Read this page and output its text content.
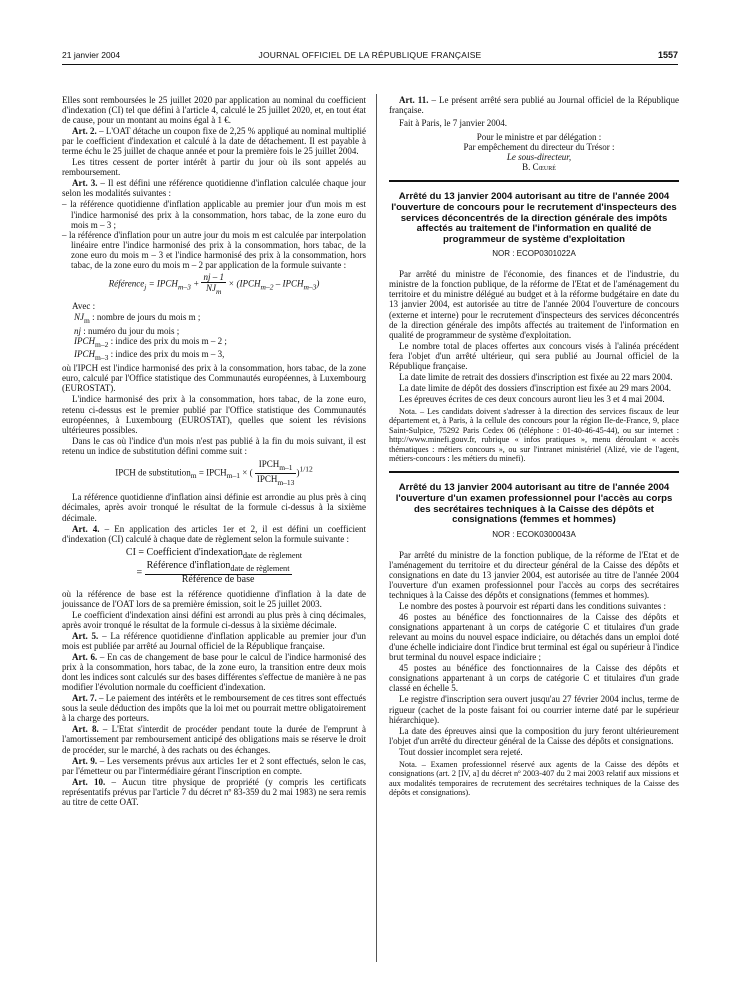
21 janvier 2004	JOURNAL OFFICIEL DE LA RÉPUBLIQUE FRANÇAISE	1557

Elles sont remboursées le 25 juillet 2020 par application au nominal du coefficient d'indexation (CI) tel que défini à l'article 4, calculé le 25 juillet 2020, et, en tout état de cause, pour un montant au moins égal à 1 €.

Art. 2. – L'OAT détache un coupon fixe de 2,25 % appliqué au nominal multiplié par le coefficient d'indexation et calculé à la date de détachement. Il est payable à terme échu le 25 juillet de chaque année et pour la première fois le 25 juillet 2004.

Les titres cessent de porter intérêt à partir du jour où ils sont appelés au remboursement.

Art. 3. – Il est défini une référence quotidienne d'inflation calculée chaque jour selon les modalités suivantes :

– la référence quotidienne d'inflation applicable au premier jour d'un mois m est l'indice harmonisé des prix à la consommation, hors tabac, de la zone euro du mois m – 3 ;
– la référence d'inflation pour un autre jour du mois m est calculée par interpolation linéaire entre l'indice harmonisé des prix à la consommation, hors tabac, de la zone euro du mois m – 3 et l'indice harmonisé des prix à la consommation, hors tabac, de la zone euro du mois m – 2 par application de la formule suivante :
Référence$_j$ = $IPCH_{m-3} + \frac{nj - 1}{NJ_m}$ × ($IPCH_{m-2}$ – $IPCH_{m-3}$)

Avec :

$NJ_m$ : nombre de jours du mois m ;
nj : numéro du jour du mois ;
$IPCH_{m-2}$ : indice des prix du mois m – 2 ;
$IPCH_{m-3}$ : indice des prix du mois m – 3,

où l'IPCH est l'indice harmonisé des prix à la consommation, hors tabac, de la zone euro, calculé par l'Office statistique des Communautés européennes, à Luxembourg (EUROSTAT).

L'indice harmonisé des prix à la consommation, hors tabac, de la zone euro, retenu ci-dessus est le premier publié par l'Office statistique des Communautés européennes, à Luxembourg (EUROSTAT), quelles que soient les révisions ultérieures possibles.

Dans le cas où l'indice d'un mois n'est pas publié à la fin du mois suivant, il est retenu un indice de substitution défini comme suit :

IPCH de substitution$_m$ = $IPCH_{m-1}$ × ( $\frac{IPCH_{m-1}}{IPCH_{m-13}} )^{1/12}$

La référence quotidienne d'inflation ainsi définie est arrondie au plus près à cinq décimales, après avoir tronqué le résultat de la formule ci-dessus à la sixième décimale.

Art. 4. – En application des articles 1er et 2, il est défini un coefficient d'indexation (CI) calculé à chaque date de règlement selon la formule suivante :

CI = Coefficient d'indexation$_{date de règlement}$
= $\frac{Référence d'inflation_{date de règlement}}{\text{Référence de base}}$

où la référence de base est la référence quotidienne d'inflation à la date de jouissance de l'OAT lors de sa première émission, soit le 25 juillet 2003.

Le coefficient d'indexation ainsi défini est arrondi au plus près à cinq décimales, après avoir tronqué le résultat de la formule ci-dessus à la sixième décimale.

Art. 5. – La référence quotidienne d'inflation applicable au premier jour d'un mois est publiée par arrêté au Journal officiel de la République française.

Art. 6. – En cas de changement de base pour le calcul de l'indice harmonisé des prix à la consommation, hors tabac, de la zone euro, la transition entre deux mois dont les indices sont calculés sur des bases différentes s'effectue de manière à ne pas modifier l'évolution normale du coefficient d'indexation.

Art. 7. – Le paiement des intérêts et le remboursement de ces titres sont effectués sous la seule déduction des impôts que la loi met ou pourrait mettre obligatoirement à la charge des porteurs.

Art. 8. – L'Etat s'interdit de procéder pendant toute la durée de l'emprunt à l'amortissement par remboursement anticipé des obligations mais se réserve le droit de procéder, sur le marché, à des rachats ou des échanges.

Art. 9. – Les versements prévus aux articles 1er et 2 sont effectués, selon le cas, par l'émetteur ou par l'intermédiaire gérant l'inscription en compte.

Art. 10. – Aucun titre physique de propriété (y compris les certificats représentatifs prévus par l'article 7 du décret nº 83-359 du 2 mai 1983) ne sera remis au titre de cette OAT.

Art. 11. – Le présent arrêté sera publié au Journal officiel de la République française.

Fait à Paris, le 7 janvier 2004.

Pour le ministre et par délégation :

Par empêchement du directeur du Trésor :

Le sous-directeur,

B. Cœuré

Arrêté du 13 janvier 2004 autorisant au titre de l'année 2004 l'ouverture de concours pour le recrutement d'inspecteurs des services déconcentrés de la direction générale des impôts affectés au traitement de l'information en qualité de programmeur de système d'exploitation
NOR : ECOP0301022A

Par arrêté du ministre de l'économie, des finances et de l'industrie, du ministre de la fonction publique, de la réforme de l'Etat et de l'aménagement du territoire et du ministre délégué au budget et à la réforme budgétaire en date du 13 janvier 2004, est autorisée au titre de l'année 2004 l'ouverture de concours (externe et interne) pour le recrutement d'inspecteurs des services déconcentrés de la direction générale des impôts affectés au traitement de l'information en qualité de programmeur de système d'exploitation.

Le nombre total de places offertes aux concours visés à l'alinéa précédent fera l'objet d'un arrêté ultérieur, qui sera publié au Journal officiel de la République française.

La date limite de retrait des dossiers d'inscription est fixée au 22 mars 2004.

La date limite de dépôt des dossiers d'inscription est fixée au 29 mars 2004.

Les épreuves écrites de ces deux concours auront lieu les 3 et 4 mai 2004.

Nota. – Les candidats doivent s'adresser à la direction des services fiscaux de leur département et, à Paris, à la cellule des concours pour la région Ile-de-France, 9, place Saint-Sulpice, 75292 Paris Cedex 06 (téléphone : 01-40-46-45-44), ou sur internet : http://www.minefi.gouv.fr, rubrique « infos pratiques », menu déroulant « accès thématiques : métiers concours », ou sur l'intranet ministériel (Alizé, vie de l'agent, métiers-concours : les métiers du minefi).

Arrêté du 13 janvier 2004 autorisant au titre de l'année 2004 l'ouverture d'un examen professionnel pour l'accès au corps des secrétaires techniques à la Caisse des dépôts et consignations (femmes et hommes)
NOR : ECOK0300043A

Par arrêté du ministre de la fonction publique, de la réforme de l'Etat et de l'aménagement du territoire et du directeur général de la Caisse des dépôts et consignations en date du 13 janvier 2004, est autorisée au titre de l'année 2004 l'ouverture d'un examen professionnel pour l'accès au corps des secrétaires techniques à la Caisse des dépôts et consignations (femmes et hommes).

Le nombre des postes à pourvoir est réparti dans les conditions suivantes :

46 postes au bénéfice des fonctionnaires de la Caisse des dépôts et consignations appartenant à un corps de catégorie C et titulaires d'un grade relevant au moins du nouvel espace indiciaire, ou détachés dans un emploi doté d'une échelle indiciaire dont l'indice brut terminal est égal ou supérieur à l'indice brut terminal du nouvel espace indiciaire ;

45 postes au bénéfice des fonctionnaires de la Caisse des dépôts et consignations appartenant à un corps de catégorie C et titulaires d'un grade classé en échelle 5.

Le registre d'inscription sera ouvert jusqu'au 27 février 2004 inclus, terme de rigueur (cachet de la poste faisant foi ou courrier interne daté par le supérieur hiérarchique).

La date des épreuves ainsi que la composition du jury feront ultérieurement l'objet d'un arrêté du directeur général de la Caisse des dépôts et consignations.

Tout dossier incomplet sera rejeté.

Nota. – Examen professionnel réservé aux agents de la Caisse des dépôts et consignations (art. 2 [IV, a] du décret nº 2003-407 du 2 mai 2003 relatif aux missions et aux modalités temporaires de recrutement des secrétaires techniques de la Caisse des dépôts et consignations).
